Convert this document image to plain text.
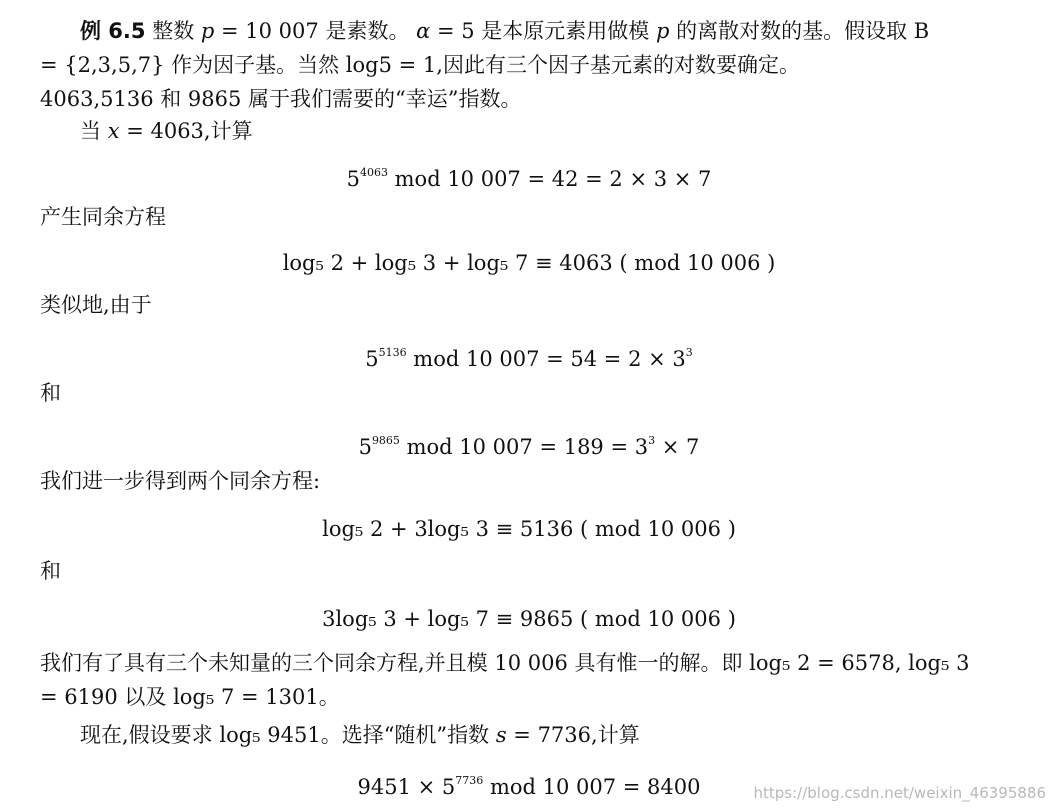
例 6.5 整数 p = 10 007 是素数。 α = 5 是本原元素用做模 p 的离散对数的基。假设取 B
= {2,3,5,7} 作为因子基。当然 log5 = 1,因此有三个因子基元素的对数要确定。
4063,5136 和 9865 属于我们需要的“幸运”指数。
当 x = 4063,计算
$5^{4063}$ mod 10 007 = 42 = 2 × 3 × 7
产生同余方程
log₅ 2 + log₅ 3 + log₅ 7 ≡ 4063 ( mod 10 006 )
类似地,由于
$5^{5136}$ mod 10 $007 = 54 = 2 \times 3^3$
和
$5^{9865}$ mod 10 $007 = 189 = 3^3 \times 7$
我们进一步得到两个同余方程:
log₅ 2 + 3log₅ 3 ≡ 5136 ( mod 10 006 )
和
3log₅ 3 + log₅ 7 ≡ 9865 ( mod 10 006 )
我们有了具有三个未知量的三个同余方程,并且模 10 006 具有惟一的解。即 log₅ 2 = 6578, log₅ 3
= 6190 以及 log₅ 7 = 1301。
现在,假设要求 log₅ 9451。选择“随机”指数 s = 7736,计算
$9451 \times 5^{7736}$ mod 10 007 = 8400	https://blog.csdn.net/weixin_46395886
